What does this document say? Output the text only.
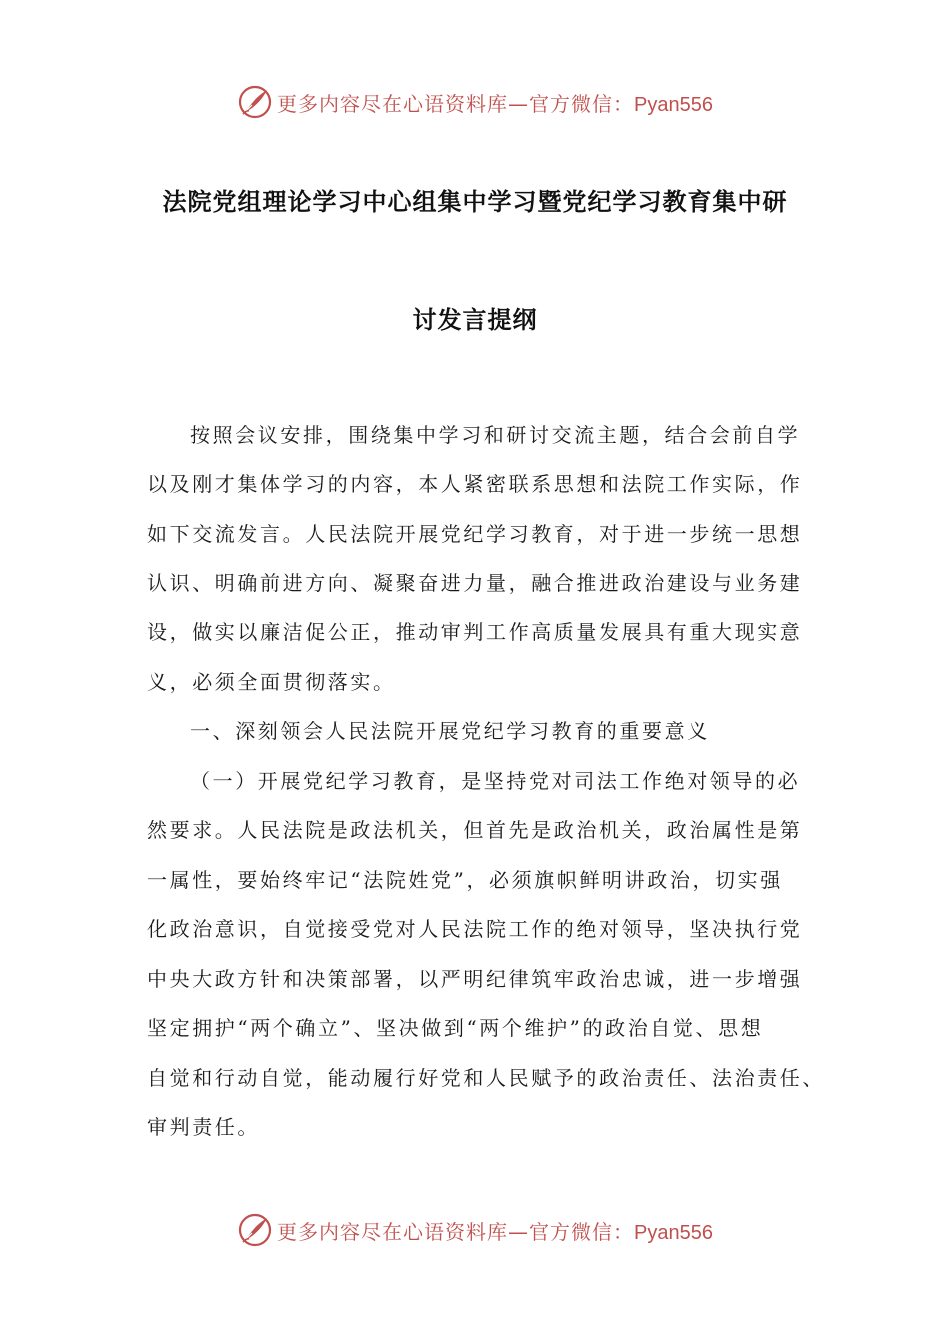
更多内容尽在心语资料库—官方微信：Pyan556
法院党组理论学习中心组集中学习暨党纪学习教育集中研
讨发言提纲
按照会议安排，围绕集中学习和研讨交流主题，结合会前自学
以及刚才集体学习的内容，本人紧密联系思想和法院工作实际，作
如下交流发言。人民法院开展党纪学习教育，对于进一步统一思想
认识、明确前进方向、凝聚奋进力量，融合推进政治建设与业务建
设，做实以廉洁促公正，推动审判工作高质量发展具有重大现实意
义，必须全面贯彻落实。
一、深刻领会人民法院开展党纪学习教育的重要意义
（一）开展党纪学习教育，是坚持党对司法工作绝对领导的必
然要求。人民法院是政法机关，但首先是政治机关，政治属性是第
一属性，要始终牢记“法院姓党”，必须旗帜鲜明讲政治，切实强
化政治意识，自觉接受党对人民法院工作的绝对领导，坚决执行党
中央大政方针和决策部署，以严明纪律筑牢政治忠诚，进一步增强
坚定拥护“两个确立”、坚决做到“两个维护”的政治自觉、思想
自觉和行动自觉，能动履行好党和人民赋予的政治责任、法治责任、
审判责任。
更多内容尽在心语资料库—官方微信：Pyan556
